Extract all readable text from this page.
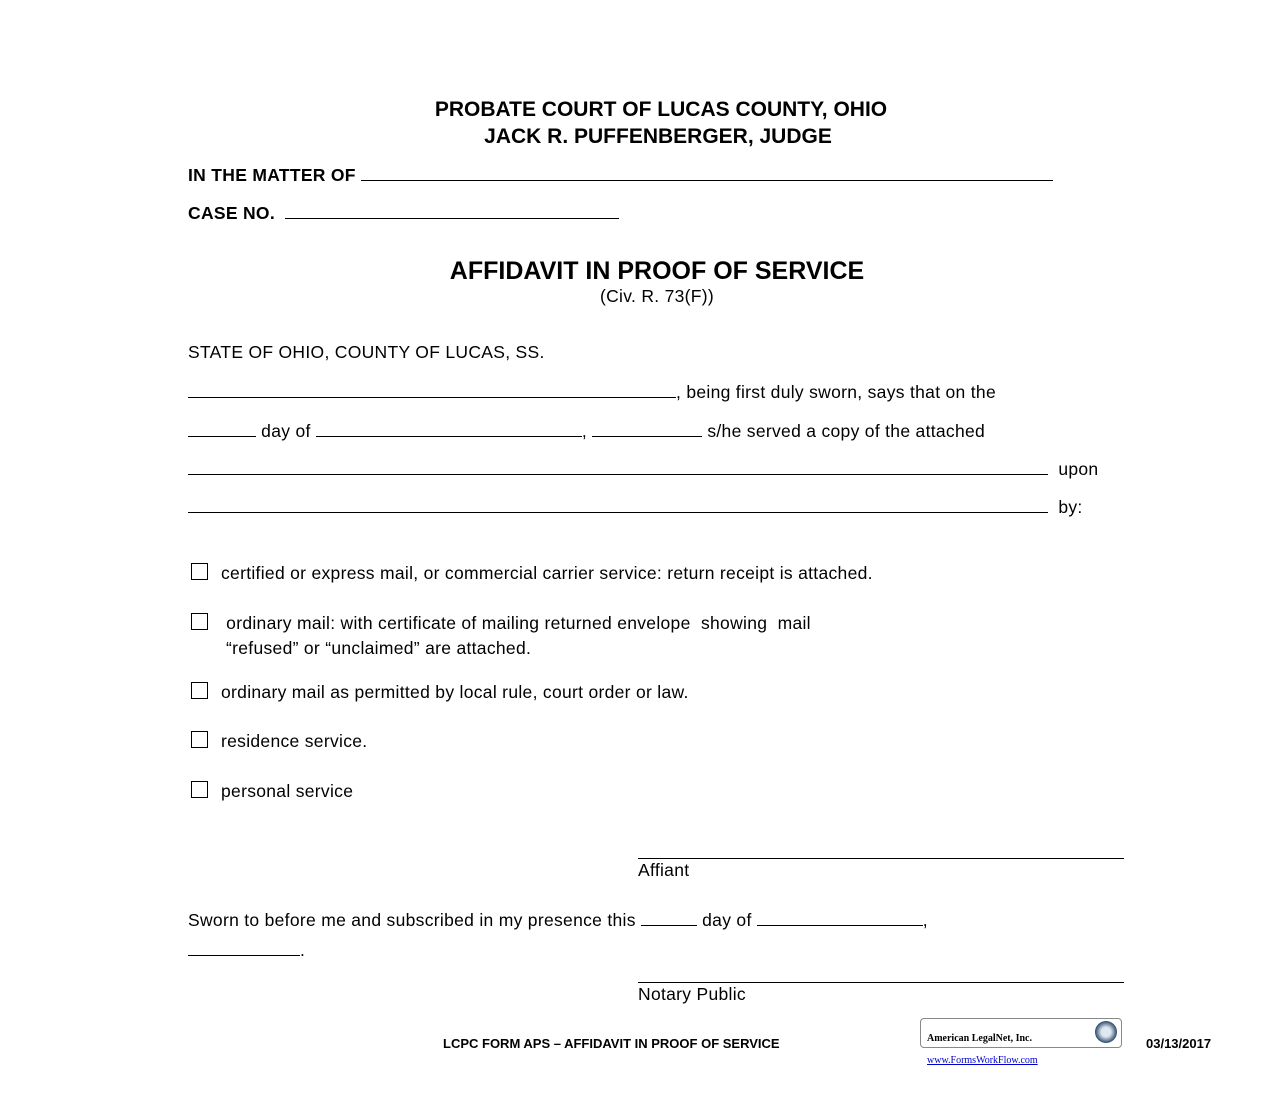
PROBATE COURT OF LUCAS COUNTY, OHIO
JACK R. PUFFENBERGER, JUDGE
IN THE MATTER OF
CASE NO.
AFFIDAVIT IN PROOF OF SERVICE
(Civ. R. 73(F))
STATE OF OHIO, COUNTY OF LUCAS, SS.
, being first duly sworn, says that on the
day of	,	s/he served a copy of the attached
upon
by:
certified or express mail, or commercial carrier service: return receipt is attached.
ordinary mail: with certificate of mailing returned envelope  showing  mail
“refused” or “unclaimed” are attached.
ordinary mail as permitted by local rule, court order or law.
residence service.
personal service
Affiant
Sworn to before me and subscribed in my presence this	day of	,
.
Notary Public
LCPC FORM APS – AFFIDAVIT IN PROOF OF SERVICE	American LegalNet, Inc.

www.FormsWorkFlow.com

03/13/2017
